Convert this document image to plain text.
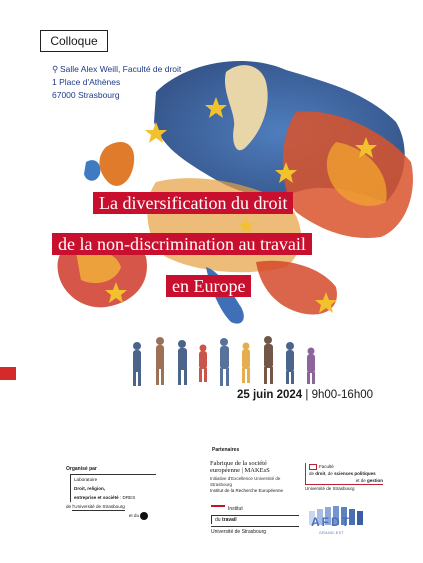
Colloque
⚲ Salle Alex Weill, Faculté de droit
1 Place d'Athènes
67000 Strasbourg
La diversification du droit
de la non-discrimination au travail
en Europe
25 juin 2024 | 9h00-16h00
Organisé par
Laboratoire
Droit, religion,
entreprise et société : DRES
de l'Université de Strasbourg
et du
Partenaires
Fabrique de la société
européenne | MAKEsS
Initiative d'Excellence Université de Strasbourg
Institut de la Recherche Européenne
Faculté
de droit, de sciences politiques
et de gestion
Université de Strasbourg
Institut
du travail
Université de Strasbourg
AFDT
GRAND-EST
